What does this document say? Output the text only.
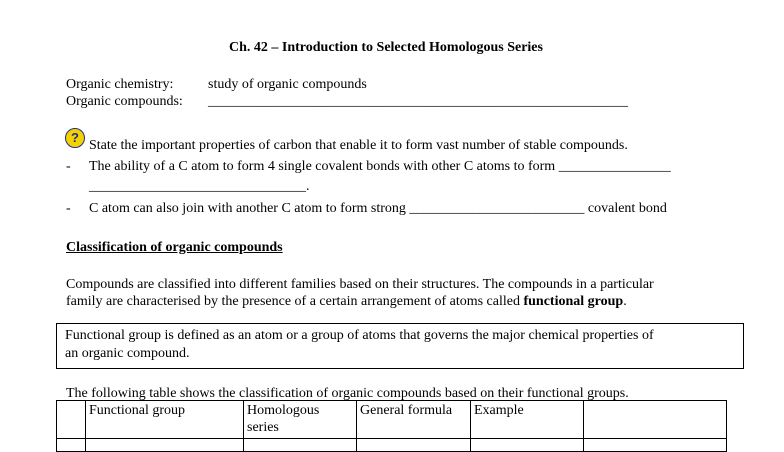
Ch. 42 – Introduction to Selected Homologous Series
Organic chemistry: study of organic compounds
Organic compounds: ____________________________________________________________
?
State the important properties of carbon that enable it to form vast number of stable compounds.
- The ability of a C atom to form 4 single covalent bonds with other C atoms to form ________________
_______________________________.
- C atom can also join with another C atom to form strong _________________________ covalent bond
Classification of organic compounds
Compounds are classified into different families based on their structures. The compounds in a particular
family are characterised by the presence of a certain arrangement of atoms called functional group.
Functional group is defined as an atom or a group of atoms that governs the major chemical properties of
an organic compound.
The following table shows the classification of organic compounds based on their functional groups.
	Functional group	Homologous series	General formula	Example	
